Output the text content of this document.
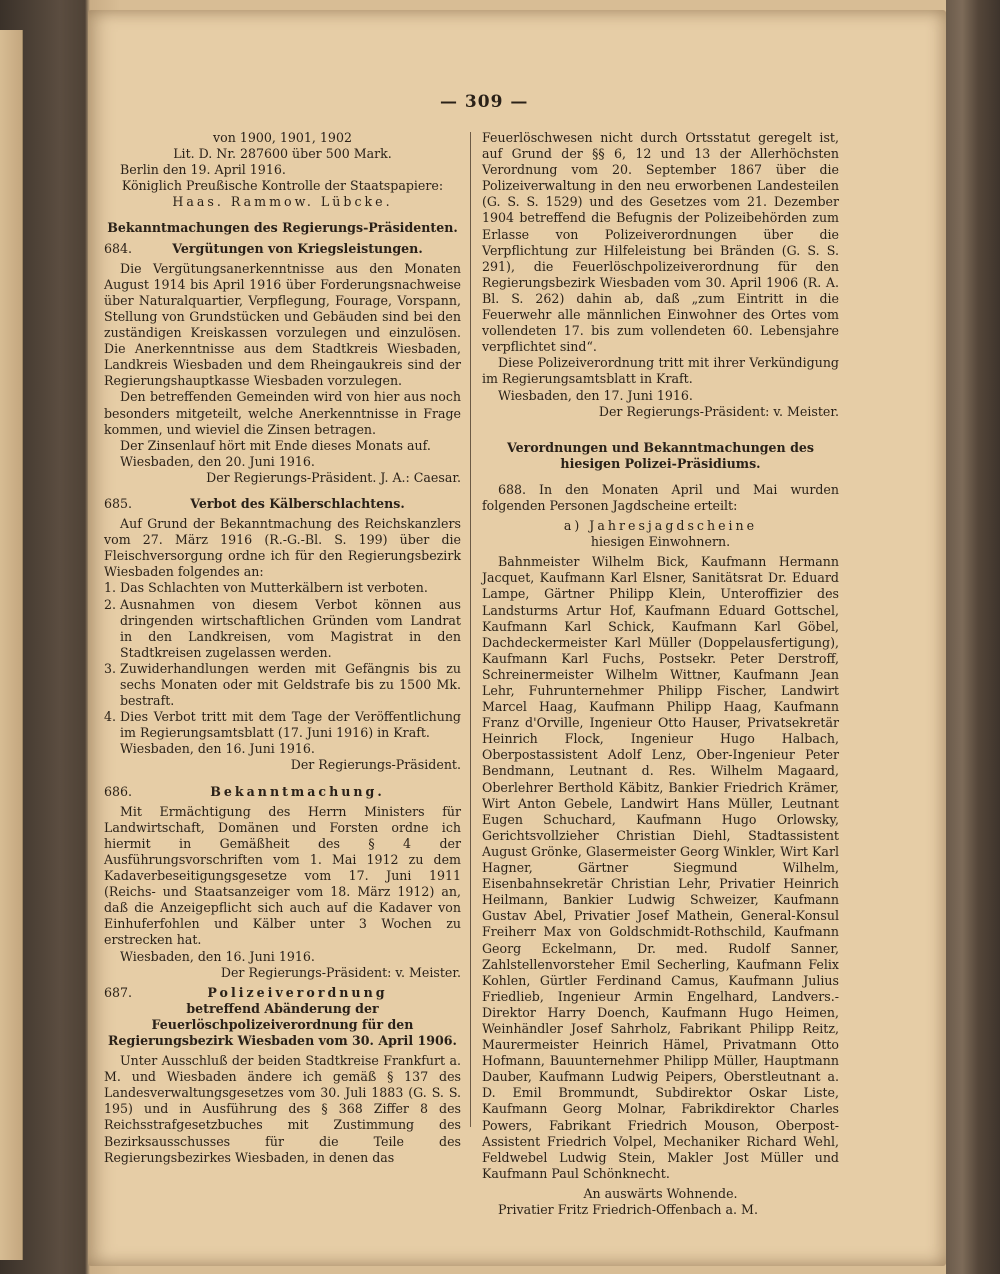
— 309 —

von 1900, 1901, 1902

Lit. D. Nr. 287600 über 500 Mark.

Berlin den 19. April 1916.

Königlich Preußische Kontrolle der Staatspapiere:

Haas. Rammow. Lübcke.

Bekanntmachungen des Regierungs-Präsidenten.

684.	Vergütungen von Kriegsleistungen.

Die Vergütungsanerkenntnisse aus den Monaten August 1914 bis April 1916 über Forderungsnachweise über Naturalquartier, Verpflegung, Fourage, Vorspann, Stellung von Grundstücken und Gebäuden sind bei den zuständigen Kreiskassen vorzulegen und einzulösen. Die Anerkenntnisse aus dem Stadtkreis Wiesbaden, Landkreis Wiesbaden und dem Rheingaukreis sind der Regierungshauptkasse Wiesbaden vorzulegen.

Den betreffenden Gemeinden wird von hier aus noch besonders mitgeteilt, welche Anerkenntnisse in Frage kommen, und wieviel die Zinsen betragen.

Der Zinsenlauf hört mit Ende dieses Monats auf.

Wiesbaden, den 20. Juni 1916.

Der Regierungs-Präsident. J. A.: Caesar.

685.	Verbot des Kälberschlachtens.

Auf Grund der Bekanntmachung des Reichskanzlers vom 27. März 1916 (R.-G.-Bl. S. 199) über die Fleischversorgung ordne ich für den Regierungsbezirk Wiesbaden folgendes an:

1. Das Schlachten von Mutterkälbern ist verboten.
2. Ausnahmen von diesem Verbot können aus dringenden wirtschaftlichen Gründen vom Landrat in den Landkreisen, vom Magistrat in den Stadtkreisen zugelassen werden.
3. Zuwiderhandlungen werden mit Gefängnis bis zu sechs Monaten oder mit Geldstrafe bis zu 1500 Mk. bestraft.
4. Dies Verbot tritt mit dem Tage der Veröffentlichung im Regierungsamtsblatt (17. Juni 1916) in Kraft.

Wiesbaden, den 16. Juni 1916.

Der Regierungs-Präsident.

686.	Bekanntmachung.

Mit Ermächtigung des Herrn Ministers für Landwirtschaft, Domänen und Forsten ordne ich hiermit in Gemäßheit des § 4 der Ausführungsvorschriften vom 1. Mai 1912 zu dem Kadaverbeseitigungsgesetze vom 17. Juni 1911 (Reichs- und Staatsanzeiger vom 18. März 1912) an, daß die Anzeigepflicht sich auch auf die Kadaver von Einhuferfohlen und Kälber unter 3 Wochen zu erstrecken hat.

Wiesbaden, den 16. Juni 1916.

Der Regierungs-Präsident: v. Meister.

687.	Polizeiverordnung

betreffend Abänderung der Feuerlöschpolizeiverordnung für den Regierungsbezirk Wiesbaden vom 30. April 1906.

Unter Ausschluß der beiden Stadtkreise Frankfurt a. M. und Wiesbaden ändere ich gemäß § 137 des Landesverwaltungsgesetzes vom 30. Juli 1883 (G. S. S. 195) und in Ausführung des § 368 Ziffer 8 des Reichsstrafgesetzbuches mit Zustimmung des Bezirksausschusses für die Teile des Regierungsbezirkes Wiesbaden, in denen das

Feuerlöschwesen nicht durch Ortsstatut geregelt ist, auf Grund der §§ 6, 12 und 13 der Allerhöchsten Verordnung vom 20. September 1867 über die Polizeiverwaltung in den neu erworbenen Landesteilen (G. S. S. 1529) und des Gesetzes vom 21. Dezember 1904 betreffend die Befugnis der Polizeibehörden zum Erlasse von Polizeiverordnungen über die Verpflichtung zur Hilfeleistung bei Bränden (G. S. S. 291), die Feuerlöschpolizeiverordnung für den Regierungsbezirk Wiesbaden vom 30. April 1906 (R. A. Bl. S. 262) dahin ab, daß „zum Eintritt in die Feuerwehr alle männlichen Einwohner des Ortes vom vollendeten 17. bis zum vollendeten 60. Lebensjahre verpflichtet sind“.

Diese Polizeiverordnung tritt mit ihrer Verkündigung im Regierungsamtsblatt in Kraft.

Wiesbaden, den 17. Juni 1916.

Der Regierungs-Präsident: v. Meister.

Verordnungen und Bekanntmachungen des hiesigen Polizei-Präsidiums.

688. In den Monaten April und Mai wurden folgenden Personen Jagdscheine erteilt:

a) Jahresjagdscheine

hiesigen Einwohnern.

Bahnmeister Wilhelm Bick, Kaufmann Hermann Jacquet, Kaufmann Karl Elsner, Sanitätsrat Dr. Eduard Lampe, Gärtner Philipp Klein, Unteroffizier des Landsturms Artur Hof, Kaufmann Eduard Gottschel, Kaufmann Karl Schick, Kaufmann Karl Göbel, Dachdeckermeister Karl Müller (Doppelausfertigung), Kaufmann Karl Fuchs, Postsekr. Peter Derstroff, Schreinermeister Wilhelm Wittner, Kaufmann Jean Lehr, Fuhrunternehmer Philipp Fischer, Landwirt Marcel Haag, Kaufmann Philipp Haag, Kaufmann Franz d'Orville, Ingenieur Otto Hauser, Privatsekretär Heinrich Flock, Ingenieur Hugo Halbach, Oberpostassistent Adolf Lenz, Ober-Ingenieur Peter Bendmann, Leutnant d. Res. Wilhelm Magaard, Oberlehrer Berthold Käbitz, Bankier Friedrich Krämer, Wirt Anton Gebele, Landwirt Hans Müller, Leutnant Eugen Schuchard, Kaufmann Hugo Orlowsky, Gerichtsvollzieher Christian Diehl, Stadtassistent August Grönke, Glasermeister Georg Winkler, Wirt Karl Hagner, Gärtner Siegmund Wilhelm, Eisenbahnsekretär Christian Lehr, Privatier Heinrich Heilmann, Bankier Ludwig Schweizer, Kaufmann Gustav Abel, Privatier Josef Mathein, General-Konsul Freiherr Max von Goldschmidt-Rothschild, Kaufmann Georg Eckelmann, Dr. med. Rudolf Sanner, Zahlstellenvorsteher Emil Secherling, Kaufmann Felix Kohlen, Gürtler Ferdinand Camus, Kaufmann Julius Friedlieb, Ingenieur Armin Engelhard, Landvers.-Direktor Harry Doench, Kaufmann Hugo Heimen, Weinhändler Josef Sahrholz, Fabrikant Philipp Reitz, Maurermeister Heinrich Hämel, Privatmann Otto Hofmann, Bauunternehmer Philipp Müller, Hauptmann Dauber, Kaufmann Ludwig Peipers, Oberstleutnant a. D. Emil Brommundt, Subdirektor Oskar Liste, Kaufmann Georg Molnar, Fabrikdirektor Charles Powers, Fabrikant Friedrich Mouson, Oberpost-Assistent Friedrich Volpel, Mechaniker Richard Wehl, Feldwebel Ludwig Stein, Makler Jost Müller und Kaufmann Paul Schönknecht.

An auswärts Wohnende.

Privatier Fritz Friedrich-Offenbach a. M.
